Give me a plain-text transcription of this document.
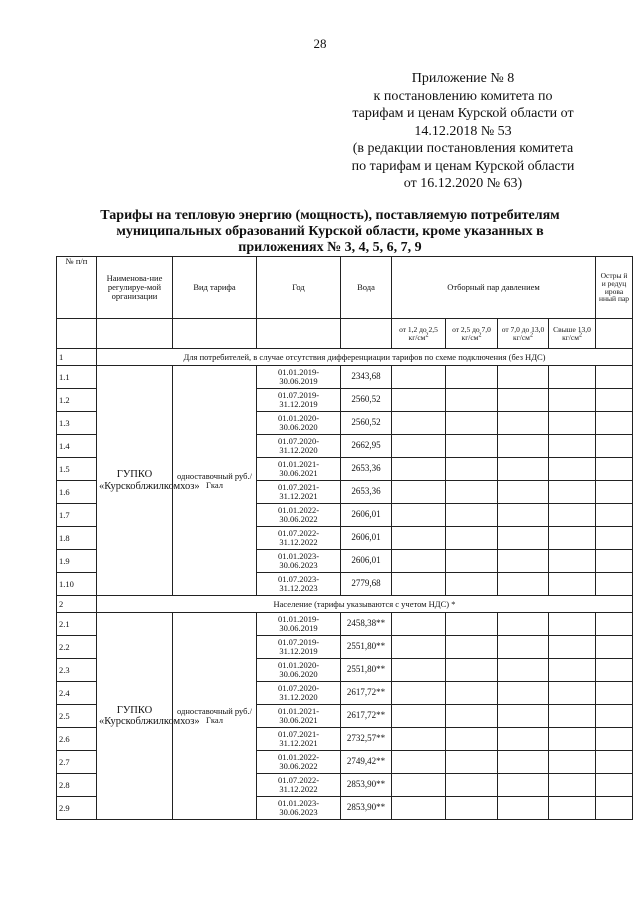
28
Приложение № 8
к постановлению комитета по
тарифам и ценам Курской области от
14.12.2018 № 53
(в редакции постановления комитета
по тарифам и ценам Курской области
от 16.12.2020 № 63)
Тарифы на тепловую энергию (мощность), поставляемую потребителям
муниципальных образований Курской области, кроме указанных в
приложениях № 3, 4, 5, 6, 7, 9
№ п/п	Наименова-ние регулируе-мой организации	Вид тарифа	Год	Вода	Отборный пар давлением				Остры й и редуц ирова нный пар
					от 1,2 до 2,5 $кг/см^2$	от 2,5 до 7,0 $кг/см^2$	от 7,0 до 13,0 $кг/см^2$	Свыше 13,0 $кг/см^2$	
1	Для потребителей, в случае отсутствия дифференциации тарифов по схеме подключения (без НДС)								
1.1	ГУПКО «Курскоблжилкомхоз»	одноставочный руб./Гкал	01.01.2019-30.06.2019	2343,68					
1.2			01.07.2019-31.12.2019	2560,52					
1.3			01.01.2020-30.06.2020	2560,52					
1.4			01.07.2020-31.12.2020	2662,95					
1.5			01.01.2021-30.06.2021	2653,36					
1.6			01.07.2021-31.12.2021	2653,36					
1.7			01.01.2022-30.06.2022	2606,01					
1.8			01.07.2022-31.12.2022	2606,01					
1.9			01.01.2023-30.06.2023	2606,01					
1.10			01.07.2023-31.12.2023	2779,68					
2	Население (тарифы указываются с учетом НДС) *								
2.1	ГУПКО «Курскоблжилкомхоз»	одноставочный руб./Гкал	01.01.2019-30.06.2019	2458,38**					
2.2			01.07.2019-31.12.2019	2551,80**					
2.3			01.01.2020-30.06.2020	2551,80**					
2.4			01.07.2020-31.12.2020	2617,72**					
2.5			01.01.2021-30.06.2021	2617,72**					
2.6			01.07.2021-31.12.2021	2732,57**					
2.7			01.01.2022-30.06.2022	2749,42**					
2.8			01.07.2022-31.12.2022	2853,90**					
2.9			01.01.2023-30.06.2023	2853,90**					
